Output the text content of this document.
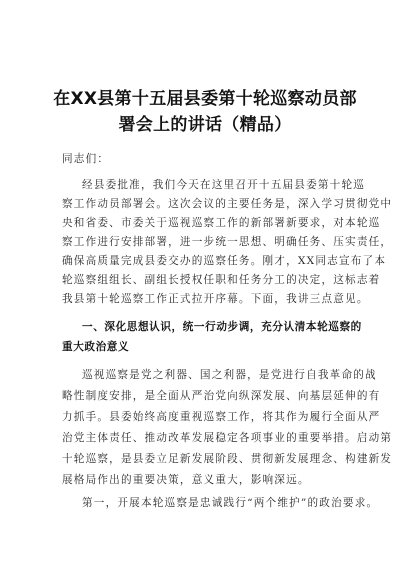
在XX县第十五届县委第十轮巡察动员部
署会上的讲话（精品）
同志们：
经县委批准，我们今天在这里召开十五届县委第十轮巡
察工作动员部署会。这次会议的主要任务是，深入学习贯彻党中
央和省委、市委关于巡视巡察工作的新部署新要求，对本轮巡
察工作进行安排部署，进一步统一思想、明确任务、压实责任，
确保高质量完成县委交办的巡察任务。刚才，XX同志宣布了本
轮巡察组组长、副组长授权任职和任务分工的决定，这标志着
我县第十轮巡察工作正式拉开序幕。下面，我讲三点意见。
一、深化思想认识，统一行动步调，充分认清本轮巡察的
重大政治意义
巡视巡察是党之利器、国之利器，是党进行自我革命的战
略性制度安排，是全面从严治党向纵深发展、向基层延伸的有
力抓手。县委始终高度重视巡察工作，将其作为履行全面从严
治党主体责任、推动改革发展稳定各项事业的重要举措。启动第
十轮巡察，是县委立足新发展阶段、贯彻新发展理念、构建新发
展格局作出的重要决策，意义重大，影响深远。
第一，开展本轮巡察是忠诚践行“两个维护”的政治要求。
